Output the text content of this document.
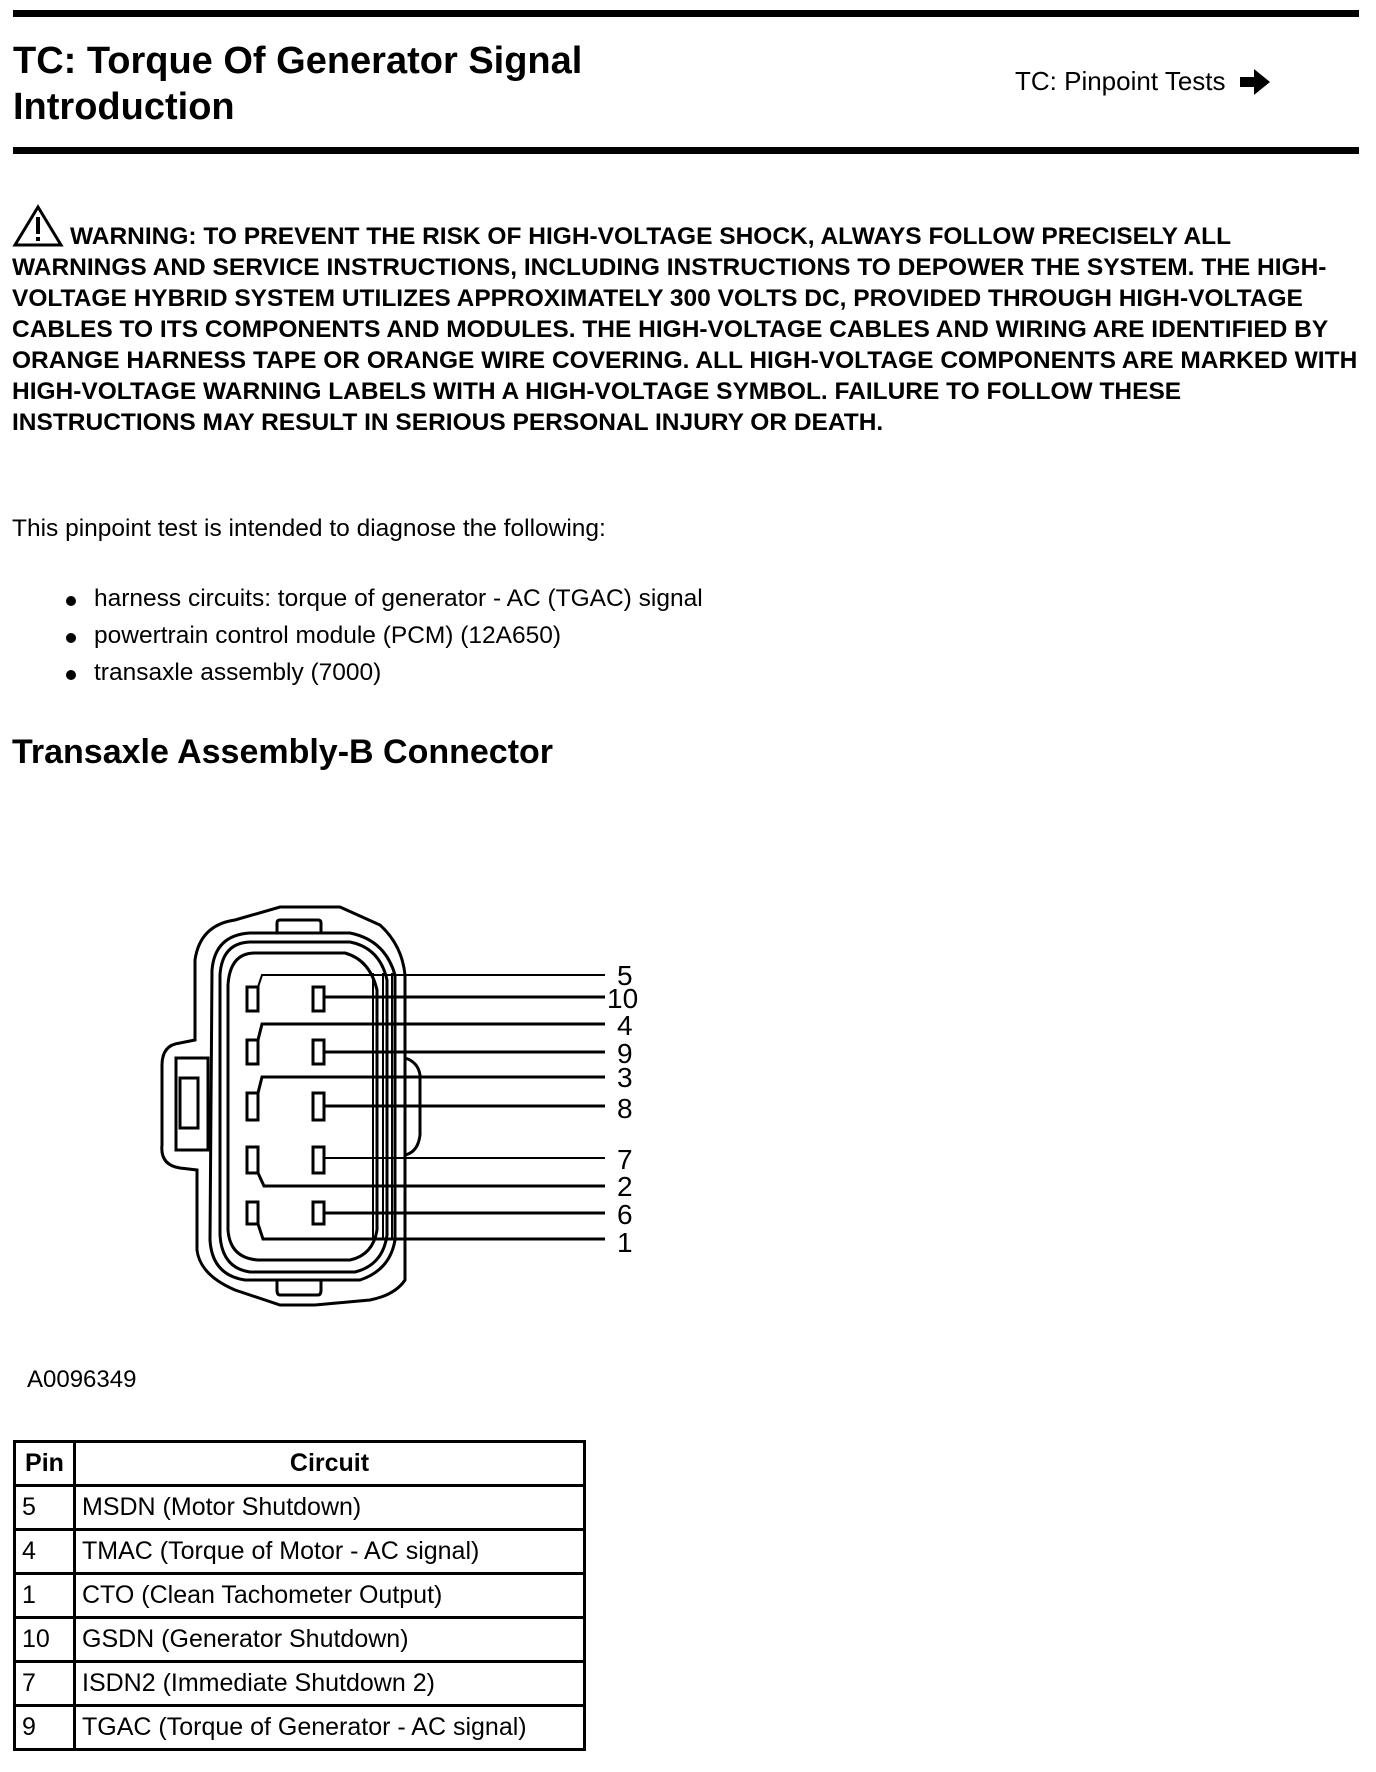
TC: Torque Of Generator Signal
Introduction
TC: Pinpoint Tests
WARNING: TO PREVENT THE RISK OF HIGH-VOLTAGE SHOCK, ALWAYS FOLLOW PRECISELY ALL WARNINGS AND SERVICE INSTRUCTIONS, INCLUDING INSTRUCTIONS TO DEPOWER THE SYSTEM. THE HIGH-VOLTAGE HYBRID SYSTEM UTILIZES APPROXIMATELY 300 VOLTS DC, PROVIDED THROUGH HIGH-VOLTAGE CABLES TO ITS COMPONENTS AND MODULES. THE HIGH-VOLTAGE CABLES AND WIRING ARE IDENTIFIED BY ORANGE HARNESS TAPE OR ORANGE WIRE COVERING. ALL HIGH-VOLTAGE COMPONENTS ARE MARKED WITH HIGH-VOLTAGE WARNING LABELS WITH A HIGH-VOLTAGE SYMBOL. FAILURE TO FOLLOW THESE INSTRUCTIONS MAY RESULT IN SERIOUS PERSONAL INJURY OR DEATH.
This pinpoint test is intended to diagnose the following:
harness circuits: torque of generator - AC (TGAC) signal
powertrain control module (PCM) (12A650)
transaxle assembly (7000)
Transaxle Assembly-B Connector
5
10
4
9
3
8
7
2
6
1
A0096349
Pin	Circuit
5	MSDN (Motor Shutdown)
4	TMAC (Torque of Motor - AC signal)
1	CTO (Clean Tachometer Output)
10	GSDN (Generator Shutdown)
7	ISDN2 (Immediate Shutdown 2)
9	TGAC (Torque of Generator - AC signal)
